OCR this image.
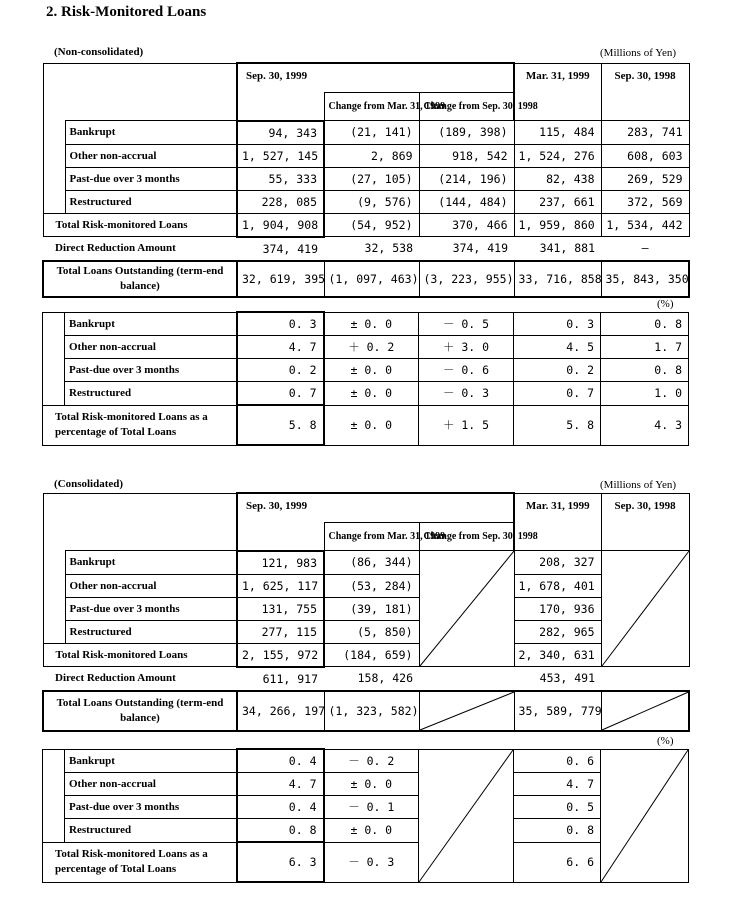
2. Risk-Monitored Loans
(Non-consolidated)	(Millions of Yen)
		Sep. 30, 1999			Mar. 31, 1999	Sep. 30, 1998
			Change from Mar. 31, 1999	Change from Sep. 30, 1998		
	Bankrupt	94, 343	(21, 141)	(189, 398)	115, 484	283, 741
	Other non-accrual	1, 527, 145	2, 869	918, 542	1, 524, 276	608, 603
	Past-due over 3 months	55, 333	(27, 105)	(214, 196)	82, 438	269, 529
	Restructured	228, 085	(9, 576)	(144, 484)	237, 661	372, 569
Total Risk-monitored Loans		1, 904, 908	(54, 952)	370, 466	1, 959, 860	1, 534, 442
Direct Reduction Amount		374, 419	32, 538	374, 419	341, 881	—
Total Loans Outstanding (term-end balance)		32, 619, 395	(1, 097, 463)	(3, 223, 955)	33, 716, 858	35, 843, 350
(%)
	Bankrupt	0. 3	± 0. 0	－ 0. 5	0. 3	0. 8
	Other non-accrual	4. 7	＋ 0. 2	＋ 3. 0	4. 5	1. 7
	Past-due over 3 months	0. 2	± 0. 0	－ 0. 6	0. 2	0. 8
	Restructured	0. 7	± 0. 0	－ 0. 3	0. 7	1. 0
Total Risk-monitored Loans as a percentage of Total Loans		5. 8	± 0. 0	＋ 1. 5	5. 8	4. 3
(Consolidated)	(Millions of Yen)
		Sep. 30, 1999			Mar. 31, 1999	Sep. 30, 1998
			Change from Mar. 31, 1999	Change from Sep. 30, 1998		
	Bankrupt	121, 983	(86, 344)		208, 327	

	Other non-accrual	1, 625, 117	(53, 284)		1, 678, 401	
	Past-due over 3 months	131, 755	(39, 181)		170, 936	
	Restructured	277, 115	(5, 850)		282, 965	
Total Risk-monitored Loans		2, 155, 972	(184, 659)		2, 340, 631	
Direct Reduction Amount		611, 917	158, 426		453, 491	
Total Loans Outstanding (term-end balance)		34, 266, 197	(1, 323, 582)		35, 589, 779	
(%)
	Bankrupt	0. 4	－ 0. 2		0. 6	

	Other non-accrual	4. 7	± 0. 0		4. 7	
	Past-due over 3 months	0. 4	－ 0. 1		0. 5	
	Restructured	0. 8	± 0. 0		0. 8	
Total Risk-monitored Loans as a percentage of Total Loans		6. 3	－ 0. 3		6. 6	
